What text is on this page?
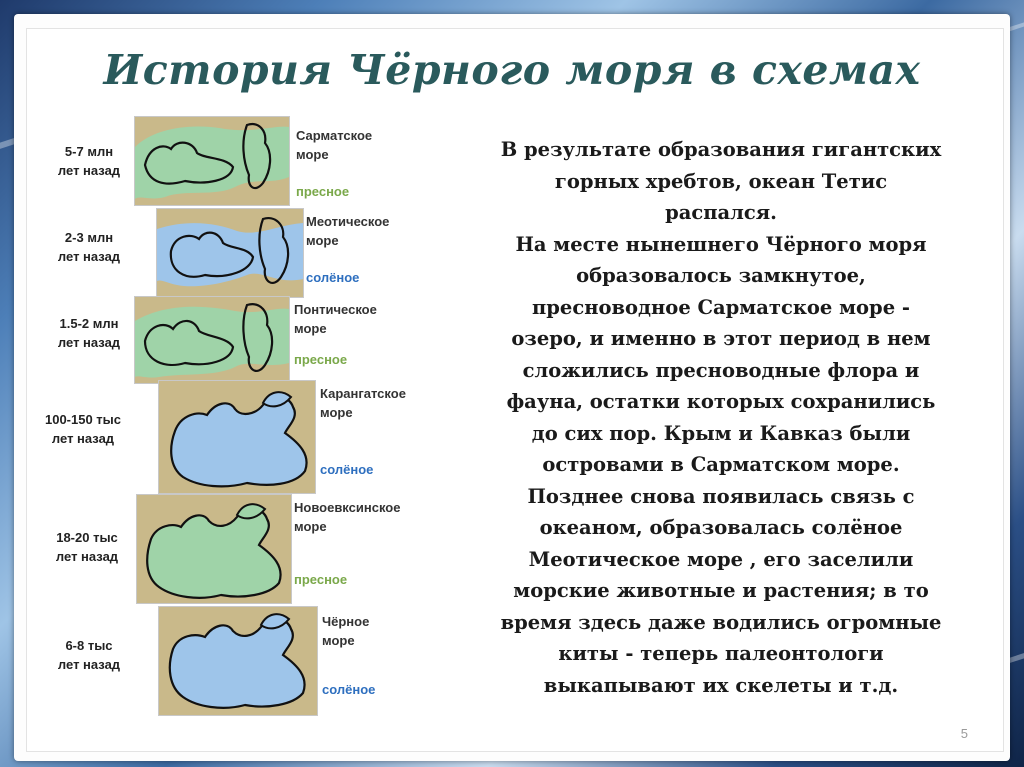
История Чёрного моря в схемах
5-7 млн
лет назад
Сарматское
море
пресное
2-3 млн
лет назад
Меотическое
море
солёное
1.5-2 млн
лет назад
Понтическое
море
пресное
100-150 тыс
лет назад
Карангатское
море
солёное
18-20 тыс
лет назад
Новоевксинское
море
пресное
6-8 тыс
лет назад
Чёрное
море
солёное
В результате образования гигантских
горных хребтов, океан Тетис
распался.
На месте нынешнего Чёрного моря
образовалось замкнутое,
пресноводное Сарматское море -
озеро, и именно в этот период в нем
сложились пресноводные флора и
фауна, остатки которых сохранились
до сих пор. Крым и Кавказ были
островами в Сарматском море.
Позднее снова появилась связь с
океаном, образовалась солёное
Меотическое море , его заселили
морские животные и растения; в то
время здесь даже водились огромные
киты - теперь палеонтологи
выкапывают их скелеты и т.д.
5
